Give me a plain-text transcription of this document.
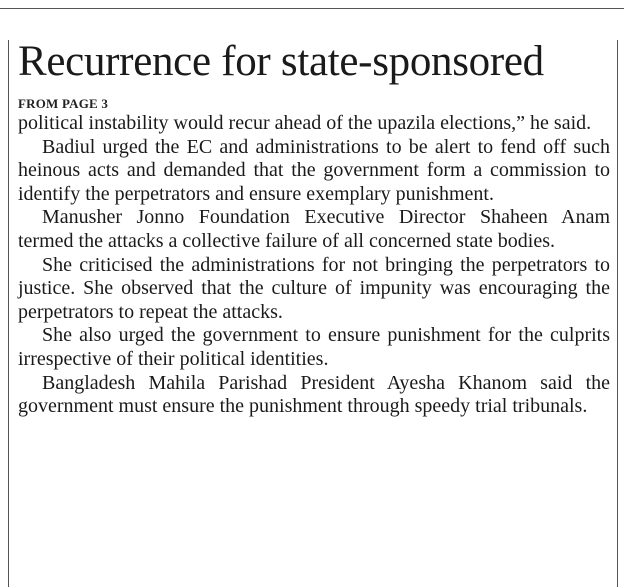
Recurrence for state-sponsored
FROM PAGE 3

political instability would recur ahead of the upazila elections,” he said.

Badiul urged the EC and administrations to be alert to fend off such heinous acts and demanded that the government form a commission to identify the perpetrators and ensure exemplary punishment.

Manusher Jonno Foundation Executive Director Shaheen Anam termed the attacks a collective failure of all concerned state bodies.

She criticised the administrations for not bringing the perpetrators to justice. She observed that the culture of impunity was encouraging the perpetrators to repeat the attacks.

She also urged the government to ensure punishment for the culprits irrespective of their political identities.

Bangladesh Mahila Parishad President Ayesha Khanom said the government must ensure the punishment through speedy trial tribunals.
